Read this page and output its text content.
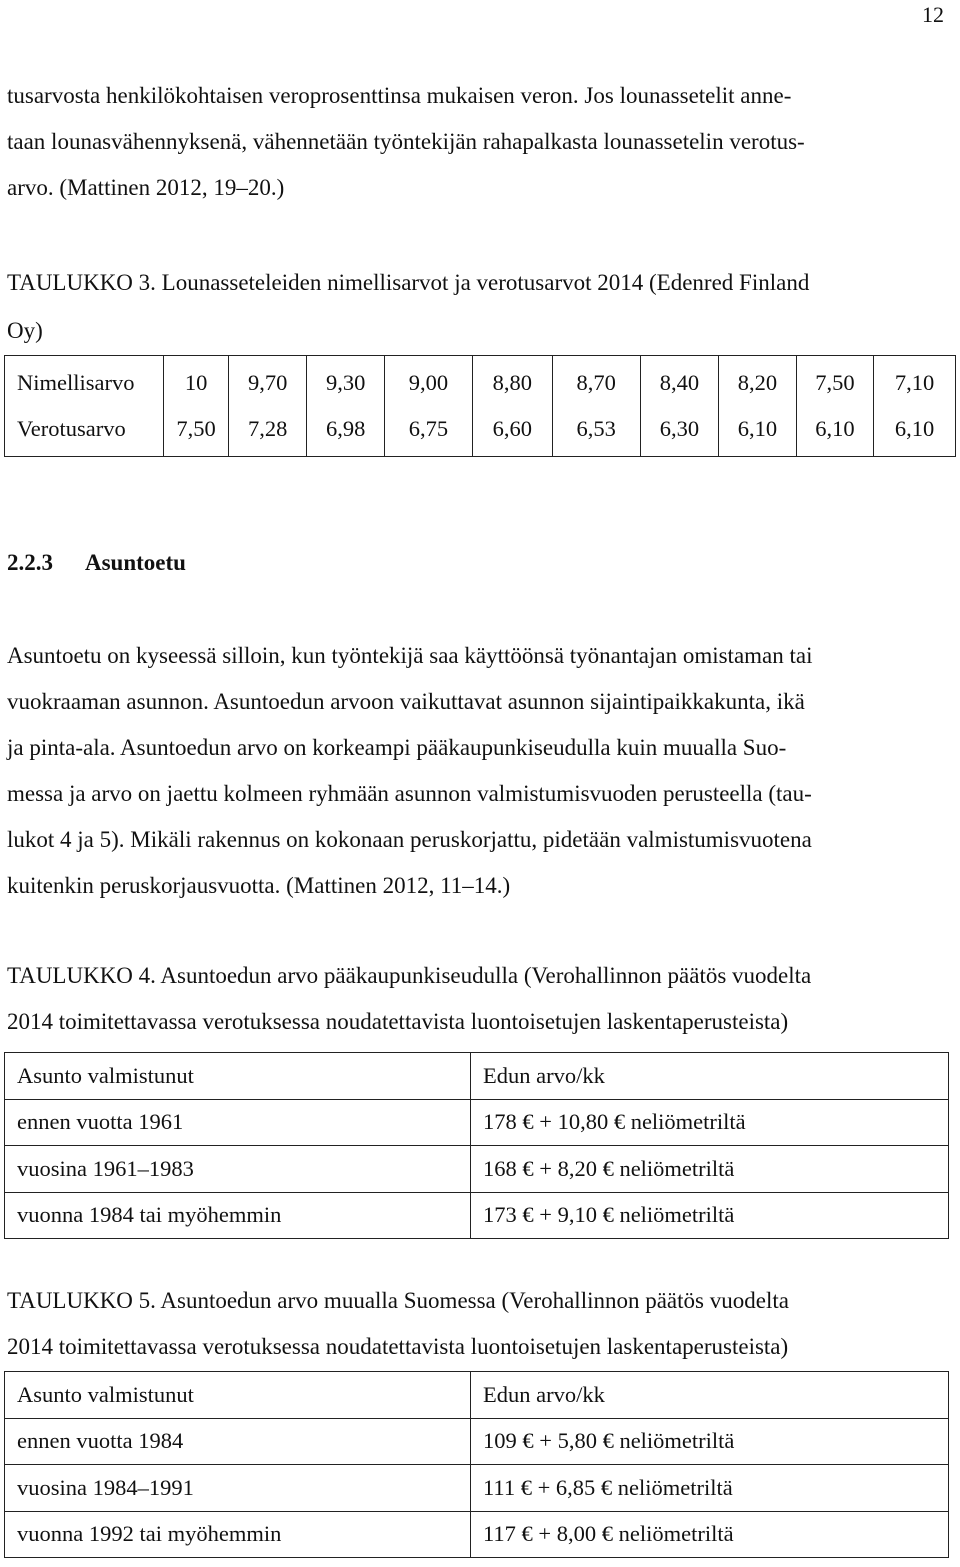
12

tusarvosta henkilökohtaisen veroprosenttinsa mukaisen veron. Jos lounassetelit anne-

taan lounasvähennyksenä, vähennetään työntekijän rahapalkasta lounassetelin verotus-

arvo. (Mattinen 2012, 19–20.)

TAULUKKO 3. Lounasseteleiden nimellisarvot ja verotusarvot 2014 (Edenred Finland

Oy)

Nimellisarvo	10	9,70	9,30	9,00	8,80	8,70	8,40	8,20	7,50	7,10
Verotusarvo	7,50	7,28	6,98	6,75	6,60	6,53	6,30	6,10	6,10	6,10

2.2.3 Asuntoetu

Asuntoetu on kyseessä silloin, kun työntekijä saa käyttöönsä työnantajan omistaman tai

vuokraaman asunnon. Asuntoedun arvoon vaikuttavat asunnon sijaintipaikkakunta, ikä

ja pinta-ala. Asuntoedun arvo on korkeampi pääkaupunkiseudulla kuin muualla Suo-

messa ja arvo on jaettu kolmeen ryhmään asunnon valmistumisvuoden perusteella (tau-

lukot 4 ja 5). Mikäli rakennus on kokonaan peruskorjattu, pidetään valmistumisvuotena

kuitenkin peruskorjausvuotta. (Mattinen 2012, 11–14.)

TAULUKKO 4. Asuntoedun arvo pääkaupunkiseudulla (Verohallinnon päätös vuodelta

2014 toimitettavassa verotuksessa noudatettavista luontoisetujen laskentaperusteista)

Asunto valmistunut	Edun arvo/kk
ennen vuotta 1961	178 € + 10,80 € neliömetriltä
vuosina 1961–1983	168 € + 8,20 € neliömetriltä
vuonna 1984 tai myöhemmin	173 € + 9,10 € neliömetriltä

TAULUKKO 5. Asuntoedun arvo muualla Suomessa (Verohallinnon päätös vuodelta

2014 toimitettavassa verotuksessa noudatettavista luontoisetujen laskentaperusteista)

Asunto valmistunut	Edun arvo/kk
ennen vuotta 1984	109 € + 5,80 € neliömetriltä
vuosina 1984–1991	111 € + 6,85 € neliömetriltä
vuonna 1992 tai myöhemmin	117 € + 8,00 € neliömetriltä
